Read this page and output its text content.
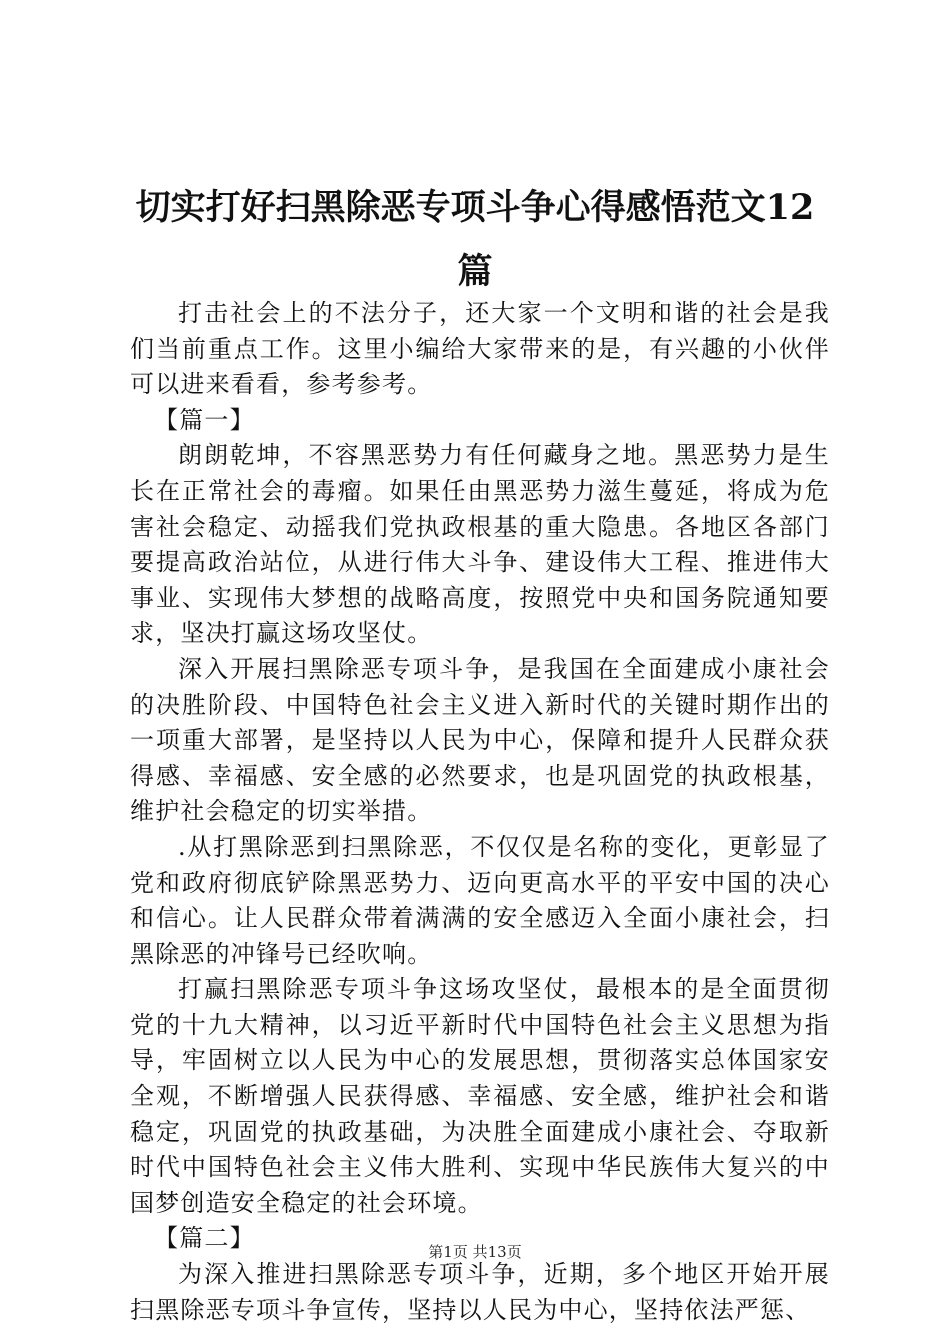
切实打好扫黑除恶专项斗争心得感悟范文12篇

打击社会上的不法分子，还大家一个文明和谐的社会是我们当前重点工作。这里小编给大家带来的是，有兴趣的小伙伴可以进来看看，参考参考。

【篇一】

朗朗乾坤，不容黑恶势力有任何藏身之地。黑恶势力是生长在正常社会的毒瘤。如果任由黑恶势力滋生蔓延，将成为危害社会稳定、动摇我们党执政根基的重大隐患。各地区各部门要提高政治站位，从进行伟大斗争、建设伟大工程、推进伟大事业、实现伟大梦想的战略高度，按照党中央和国务院通知要求，坚决打赢这场攻坚仗。

深入开展扫黑除恶专项斗争，是我国在全面建成小康社会的决胜阶段、中国特色社会主义进入新时代的关键时期作出的一项重大部署，是坚持以人民为中心，保障和提升人民群众获得感、幸福感、安全感的必然要求，也是巩固党的执政根基，维护社会稳定的切实举措。

.从打黑除恶到扫黑除恶，不仅仅是名称的变化，更彰显了党和政府彻底铲除黑恶势力、迈向更高水平的平安中国的决心和信心。让人民群众带着满满的安全感迈入全面小康社会，扫黑除恶的冲锋号已经吹响。

打赢扫黑除恶专项斗争这场攻坚仗，最根本的是全面贯彻党的十九大精神，以习近平新时代中国特色社会主义思想为指导，牢固树立以人民为中心的发展思想，贯彻落实总体国家安全观，不断增强人民获得感、幸福感、安全感，维护社会和谐稳定，巩固党的执政基础，为决胜全面建成小康社会、夺取新时代中国特色社会主义伟大胜利、实现中华民族伟大复兴的中国梦创造安全稳定的社会环境。

【篇二】

为深入推进扫黑除恶专项斗争，近期，多个地区开始开展扫黑除恶专项斗争宣传，坚持以人民为中心，坚持依法严惩、

第1页 共13页
